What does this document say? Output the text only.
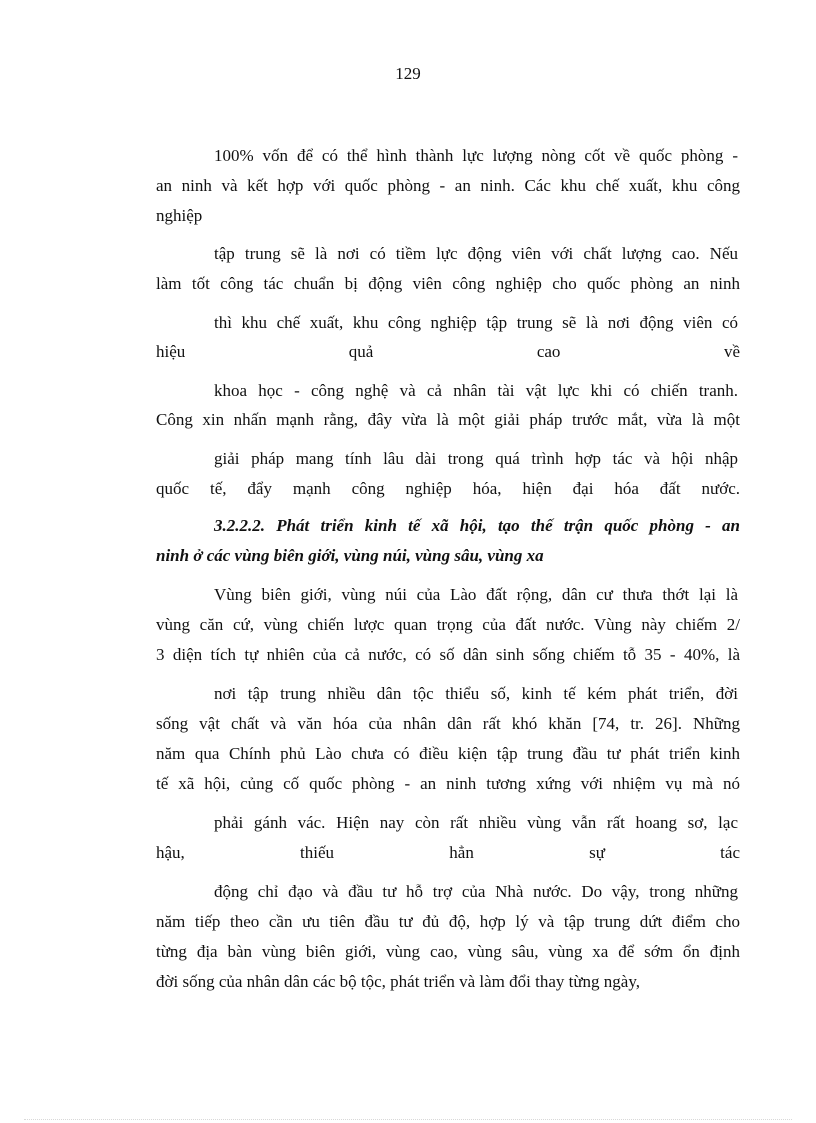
129
100% vốn để có thể hình thành lực lượng nòng cốt về quốc phòng -
an ninh và kết hợp với quốc phòng - an ninh. Các khu chế xuất, khu công
nghiệp
tập trung sẽ là nơi có tiềm lực động viên với chất lượng cao. Nếu
làm tốt công tác chuẩn bị động viên công nghiệp cho quốc phòng an ninh
thì khu chế xuất, khu công nghiệp tập trung sẽ là nơi động viên có
hiệu quả cao về
khoa học - công nghệ và cả nhân tài vật lực khi có chiến tranh.
Công xin nhấn mạnh rằng, đây vừa là một giải pháp trước mắt, vừa là một
giải pháp mang tính lâu dài trong quá trình hợp tác và hội nhập
quốc tế, đẩy mạnh công nghiệp hóa, hiện đại hóa đất nước.
3.2.2.2. Phát triển kinh tế xã hội, tạo thế trận quốc phòng - an
ninh ở các vùng biên giới, vùng núi, vùng sâu, vùng xa
Vùng biên giới, vùng núi của Lào đất rộng, dân cư thưa thớt lại là
vùng căn cứ, vùng chiến lược quan trọng của đất nước. Vùng này chiếm 2/
3 diện tích tự nhiên của cả nước, có số dân sinh sống chiếm tỗ 35 - 40%, là
nơi tập trung nhiều dân tộc thiểu số, kinh tế kém phát triển, đời
sống vật chất và văn hóa của nhân dân rất khó khăn [74, tr. 26]. Những
năm qua Chính phủ Lào chưa có điều kiện tập trung đầu tư phát triển kinh
tế xã hội, củng cố quốc phòng - an ninh tương xứng với nhiệm vụ mà nó
phải gánh vác. Hiện nay còn rất nhiều vùng vẫn rất hoang sơ, lạc
hậu, thiếu hẳn sự tác
động chỉ đạo và đầu tư hỗ trợ của Nhà nước. Do vậy, trong những
năm tiếp theo cần ưu tiên đầu tư đủ độ, hợp lý và tập trung dứt điểm cho
từng địa bàn vùng biên giới, vùng cao, vùng sâu, vùng xa để sớm ổn định
đời sống của nhân dân các bộ tộc, phát triển và làm đổi thay từng ngày,
